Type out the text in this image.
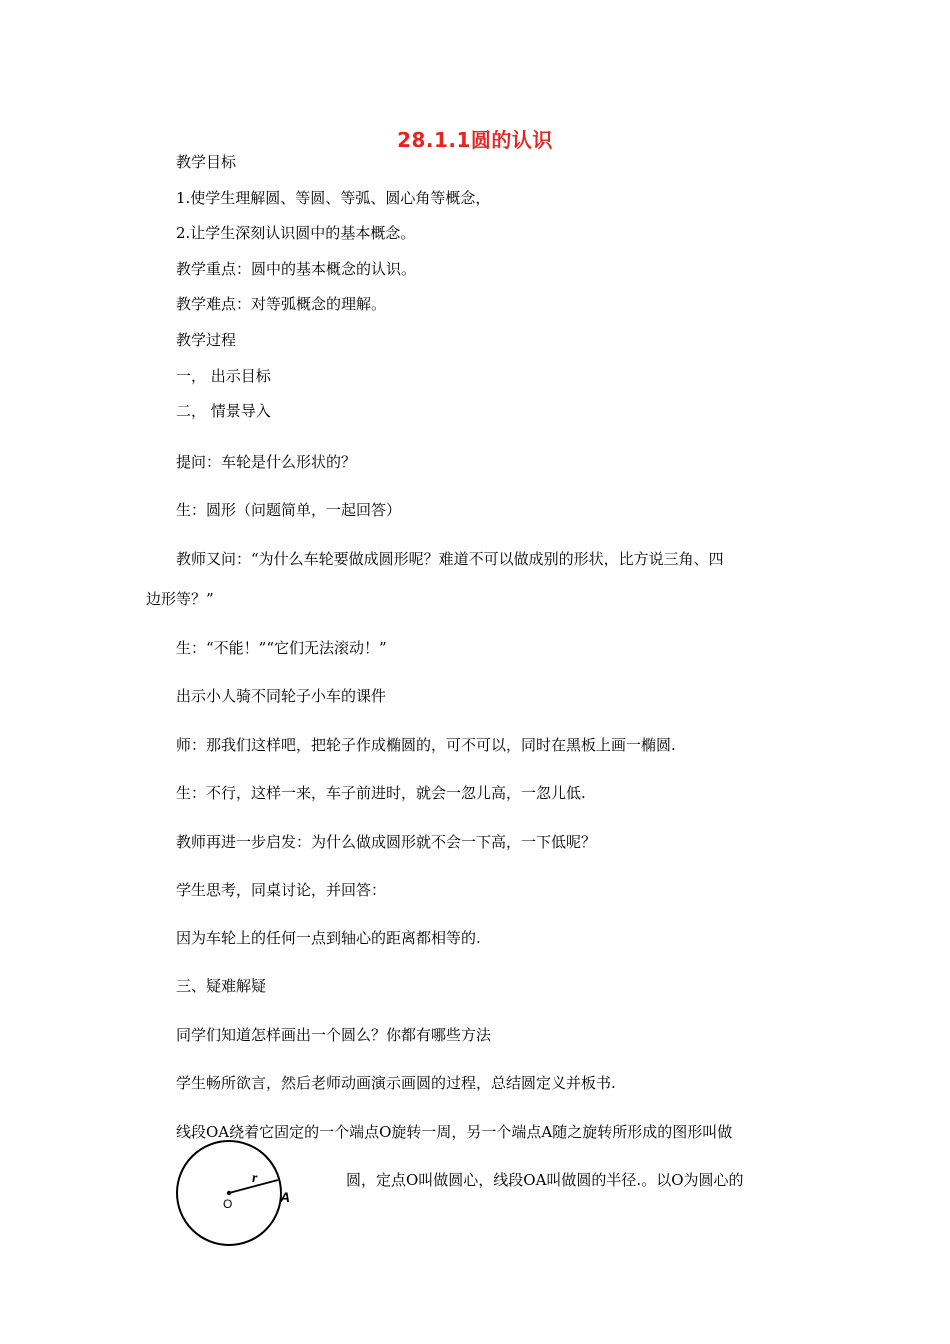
28.1.1圆的认识
教学目标
1.使学生理解圆、等圆、等弧、圆心角等概念，
2.让学生深刻认识圆中的基本概念。
教学重点：圆中的基本概念的认识。
教学难点：对等弧概念的理解。
教学过程
一， 出示目标
二， 情景导入
提问：车轮是什么形状的？
生：圆形（问题简单，一起回答）
教师又问：“为什么车轮要做成圆形呢？难道不可以做成别的形状，比方说三角、四
边形等？”
生：“不能！”“它们无法滚动！”
出示小人骑不同轮子小车的课件
师：那我们这样吧，把轮子作成椭圆的，可不可以，同时在黑板上画一椭圆.
生：不行，这样一来，车子前进时，就会一忽儿高，一忽儿低.
教师再进一步启发：为什么做成圆形就不会一下高，一下低呢？
学生思考，同桌讨论，并回答：
因为车轮上的任何一点到轴心的距离都相等的.
三、疑难解疑
同学们知道怎样画出一个圆么？你都有哪些方法
学生畅所欲言，然后老师动画演示画圆的过程，总结圆定义并板书.
线段OA绕着它固定的一个端点O旋转一周，另一个端点A随之旋转所形成的图形叫做
圆，定点O叫做圆心，线段OA叫做圆的半径.。以O为圆心的
O
r
A
